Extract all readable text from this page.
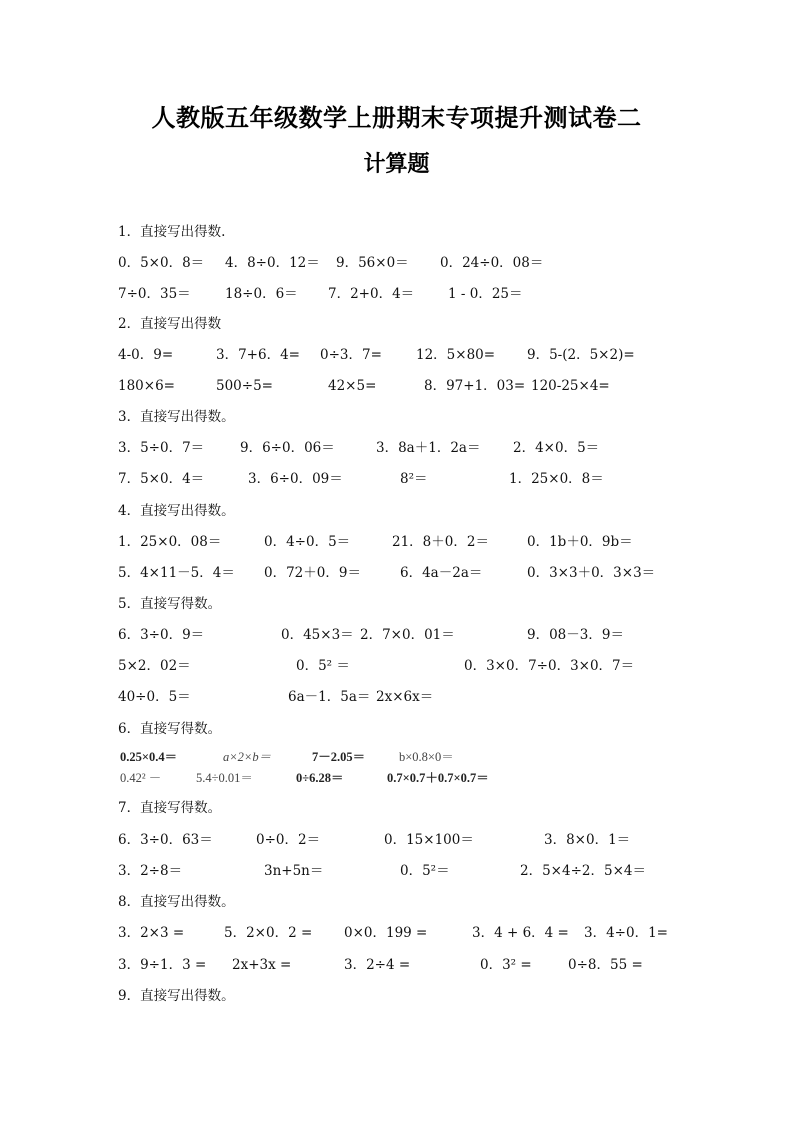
人教版五年级数学上册期末专项提升测试卷二
计算题
1．直接写出得数.
0．5×0．8＝ 4．8÷0．12＝ 9．56×0＝ 0．24÷0．08＝
7÷0．35＝	18÷0．6＝ 7．2+0．4＝	1 - 0．25＝
2．直接写出得数
4-0．9=	3．7+6．4= 0÷3．7=	12．5×80= 9．5-(2．5×2)=
180×6=	500÷5=	42×5=	8．97+1．03= 120-25×4=
3．直接写出得数。
3．5÷0．7＝	9．6÷0．06＝	3．8a＋1．2a＝ 2．4×0．5＝
7．5×0．4＝	3．6÷0．09＝	8²＝	1．25×0．8＝
4．直接写出得数。
1．25×0．08＝	0．4÷0．5＝	21．8＋0．2＝	0．1b＋0．9b＝
5．4×11－5．4＝ 0．72＋0．9＝	6．4a－2a＝	0．3×3＋0．3×3＝
5．直接写得数。
6．3÷0．9＝	0．45×3＝ 2．7×0．01＝	9．08－3．9＝
5×2．02＝	0．5² ＝	0．3×0．7÷0．3×0．7＝
40÷0．5＝	6a－1．5a＝ 2x×6x＝
6．直接写得数。
0.25×0.4＝	a×2×b＝	7－2.05＝	b×0.8×0＝
0.42² －	5.4÷0.01＝	0÷6.28＝	0.7×0.7＋0.7×0.7＝
7．直接写得数。
6．3÷0．63＝	0÷0．2＝	0．15×100＝	3．8×0．1＝
3．2÷8＝	3n+5n＝	0．5²＝	2．5×4÷2．5×4＝
8．直接写出得数。
3．2×3 =	5．2×0．2 = 0×0．199 =	3．4 + 6．4 = 3．4÷0．1=
3．9÷1．3 = 2x+3x =	3．2÷4 =	0．3² =	0÷8．55 =
9．直接写出得数。
